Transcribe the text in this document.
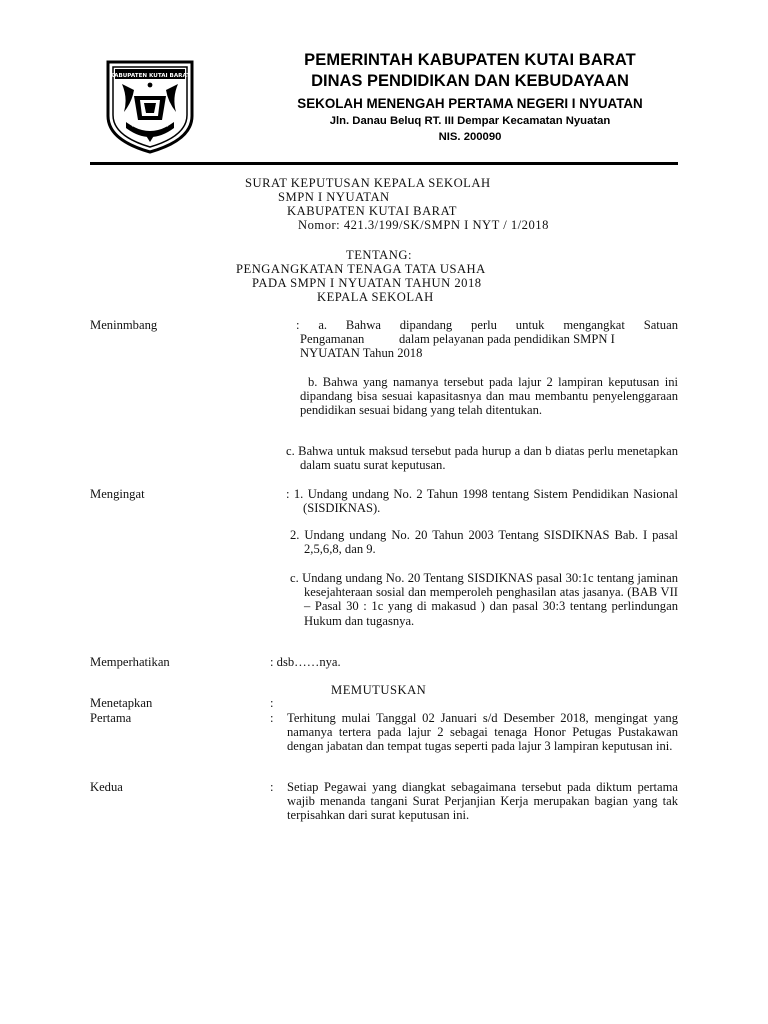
KABUPATEN KUTAI BARAT
PEMERINTAH KABUPATEN KUTAI BARAT
DINAS PENDIDIKAN DAN KEBUDAYAAN
SEKOLAH MENENGAH PERTAMA NEGERI I NYUATAN
Jln. Danau Beluq RT. III Dempar Kecamatan Nyuatan
NIS. 200090
SURAT KEPUTUSAN KEPALA SEKOLAH
SMPN I NYUATAN
KABUPATEN KUTAI BARAT
Nomor: 421.3/199/SK/SMPN I NYT / 1/2018
TENTANG:
PENGANGKATAN TENAGA TATA USAHA
PADA SMPN I NYUATAN TAHUN 2018
KEPALA SEKOLAH
Meninmbang	: a. Bahwa dipandang perlu untuk mengangkat Satuan

Pengamanan           dalam pelayanan pada pendidikan SMPN I

NYUATAN Tahun 2018

b. Bahwa yang namanya tersebut pada lajur 2 lampiran keputusan ini dipandang bisa sesuai kapasitasnya dan mau membantu penyelenggaraan pendidikan sesuai bidang yang telah ditentukan.

c. Bahwa untuk maksud tersebut pada hurup a dan b diatas perlu menetapkan dalam suatu surat keputusan.

Mengingat	: 1. Undang undang No. 2 Tahun 1998 tentang Sistem Pendidikan Nasional (SISDIKNAS).

2. Undang undang No. 20 Tahun 2003 Tentang SISDIKNAS Bab. I pasal 2,5,6,8, dan 9.

c. Undang undang No. 20 Tentang SISDIKNAS pasal 30:1c tentang jaminan kesejahteraan sosial dan memperoleh penghasilan atas jasanya. (BAB VII – Pasal 30 : 1c yang di makasud ) dan pasal 30:3 tentang perlindungan Hukum dan tugasnya.

Memperhatikan	: dsb……nya.
MEMUTUSKAN
Menetapkan	:
Pertama	: Terhitung mulai Tanggal 02 Januari s/d Desember 2018, mengingat yang namanya tertera pada lajur 2 sebagai tenaga Honor Petugas Pustakawan dengan jabatan dan tempat tugas seperti pada lajur 3 lampiran keputusan ini.

Kedua	:	Setiap Pegawai yang diangkat sebagaimana tersebut pada diktum pertama wajib menanda tangani Surat Perjanjian Kerja merupakan bagian yang tak terpisahkan dari surat keputusan ini.
